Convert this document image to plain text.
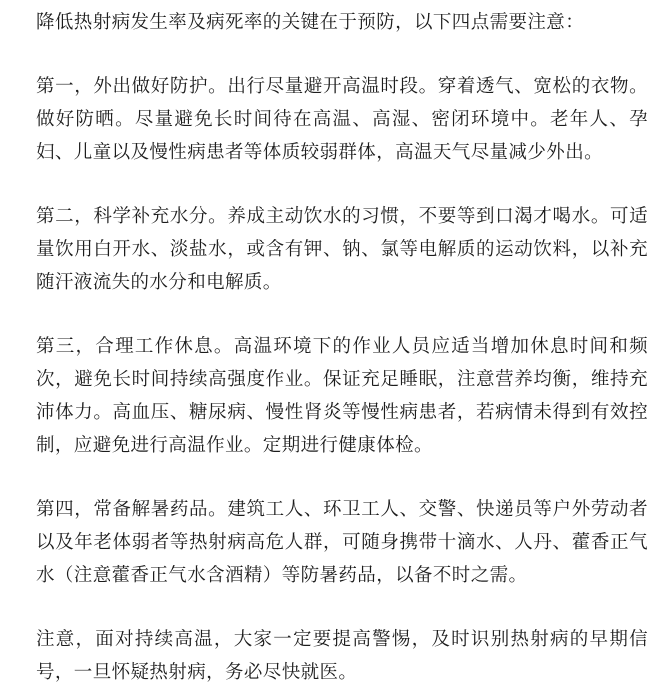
降低热射病发生率及病死率的关键在于预防，以下四点需要注意：

第一，外出做好防护。出行尽量避开高温时段。穿着透气、宽松的衣物。做好防晒。尽量避免长时间待在高温、高湿、密闭环境中。老年人、孕妇、儿童以及慢性病患者等体质较弱群体，高温天气尽量减少外出。

第二，科学补充水分。养成主动饮水的习惯，不要等到口渴才喝水。可适量饮用白开水、淡盐水，或含有钾、钠、氯等电解质的运动饮料，以补充随汗液流失的水分和电解质。

第三，合理工作休息。高温环境下的作业人员应适当增加休息时间和频次，避免长时间持续高强度作业。保证充足睡眠，注意营养均衡，维持充沛体力。高血压、糖尿病、慢性肾炎等慢性病患者，若病情未得到有效控制，应避免进行高温作业。定期进行健康体检。

第四，常备解暑药品。建筑工人、环卫工人、交警、快递员等户外劳动者以及年老体弱者等热射病高危人群，可随身携带十滴水、人丹、藿香正气水（注意藿香正气水含酒精）等防暑药品，以备不时之需。

注意，面对持续高温，大家一定要提高警惕，及时识别热射病的早期信号，一旦怀疑热射病，务必尽快就医。
